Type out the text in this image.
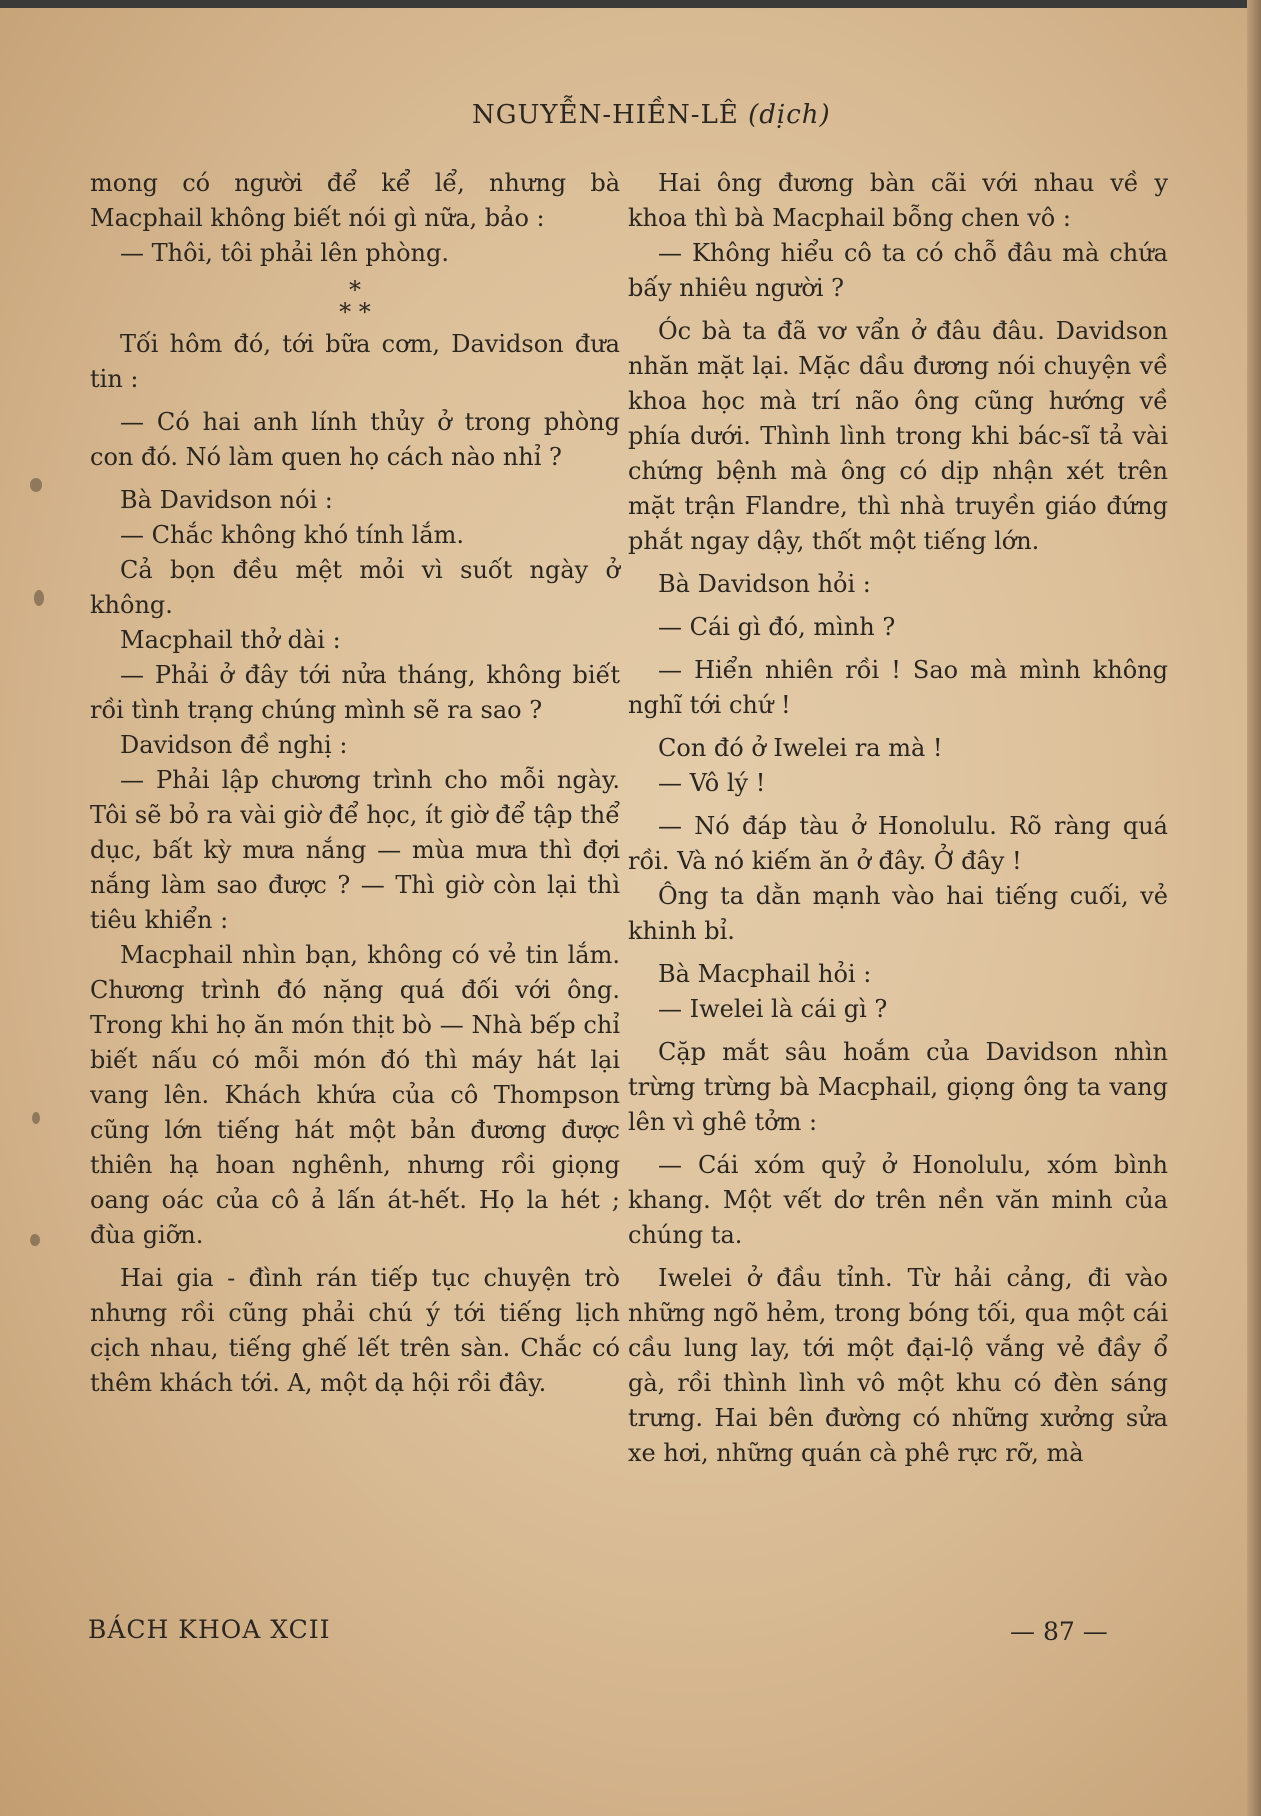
NGUYỄN-HIỀN-LÊ (dịch)

mong có người để kể lể, nhưng bà Macphail không biết nói gì nữa, bảo :

— Thôi, tôi phải lên phòng.

*
* *

Tối hôm đó, tới bữa cơm, Davidson đưa tin :

— Có hai anh lính thủy ở trong phòng con đó. Nó làm quen họ cách nào nhỉ ?

Bà Davidson nói :

— Chắc không khó tính lắm.

Cả bọn đều mệt mỏi vì suốt ngày ở không.

Macphail thở dài :

— Phải ở đây tới nửa tháng, không biết rồi tình trạng chúng mình sẽ ra sao ?

Davidson đề nghị :

— Phải lập chương trình cho mỗi ngày. Tôi sẽ bỏ ra vài giờ để học, ít giờ để tập thể dục, bất kỳ mưa nắng — mùa mưa thì đợi nắng làm sao được ? — Thì giờ còn lại thì tiêu khiển :

Macphail nhìn bạn, không có vẻ tin lắm. Chương trình đó nặng quá đối với ông. Trong khi họ ăn món thịt bò — Nhà bếp chỉ biết nấu có mỗi món đó thì máy hát lại vang lên. Khách khứa của cô Thompson cũng lớn tiếng hát một bản đương được thiên hạ hoan nghênh, nhưng rồi giọng oang oác của cô ả lấn át-hết. Họ la hét ; đùa giỡn.

Hai gia - đình rán tiếp tục chuyện trò nhưng rồi cũng phải chú ý tới tiếng lịch cịch nhau, tiếng ghế lết trên sàn. Chắc có thêm khách tới. A, một dạ hội rồi đây.

Hai ông đương bàn cãi với nhau về y khoa thì bà Macphail bỗng chen vô :

— Không hiểu cô ta có chỗ đâu mà chứa bấy nhiêu người ?

Óc bà ta đã vơ vẩn ở đâu đâu. Davidson nhăn mặt lại. Mặc dầu đương nói chuyện về khoa học mà trí não ông cũng hướng về phía dưới. Thình lình trong khi bác-sĩ tả vài chứng bệnh mà ông có dịp nhận xét trên mặt trận Flandre, thì nhà truyền giáo đứng phắt ngay dậy, thốt một tiếng lớn.

Bà Davidson hỏi :

— Cái gì đó, mình ?

— Hiển nhiên rồi ! Sao mà mình không nghĩ tới chứ !

Con đó ở Iwelei ra mà !

— Vô lý !

— Nó đáp tàu ở Honolulu. Rõ ràng quá rồi. Và nó kiếm ăn ở đây. Ở đây !

Ông ta dằn mạnh vào hai tiếng cuối, vẻ khinh bỉ.

Bà Macphail hỏi :

— Iwelei là cái gì ?

Cặp mắt sâu hoắm của Davidson nhìn trừng trừng bà Macphail, giọng ông ta vang lên vì ghê tởm :

— Cái xóm quỷ ở Honolulu, xóm bình khang. Một vết dơ trên nền văn minh của chúng ta.

Iwelei ở đầu tỉnh. Từ hải cảng, đi vào những ngõ hẻm, trong bóng tối, qua một cái cầu lung lay, tới một đại-lộ vắng vẻ đầy ổ gà, rồi thình lình vô một khu có đèn sáng trưng. Hai bên đường có những xưởng sửa xe hơi, những quán cà phê rực rỡ, mà

BÁCH KHOA XCII	— 87 —
